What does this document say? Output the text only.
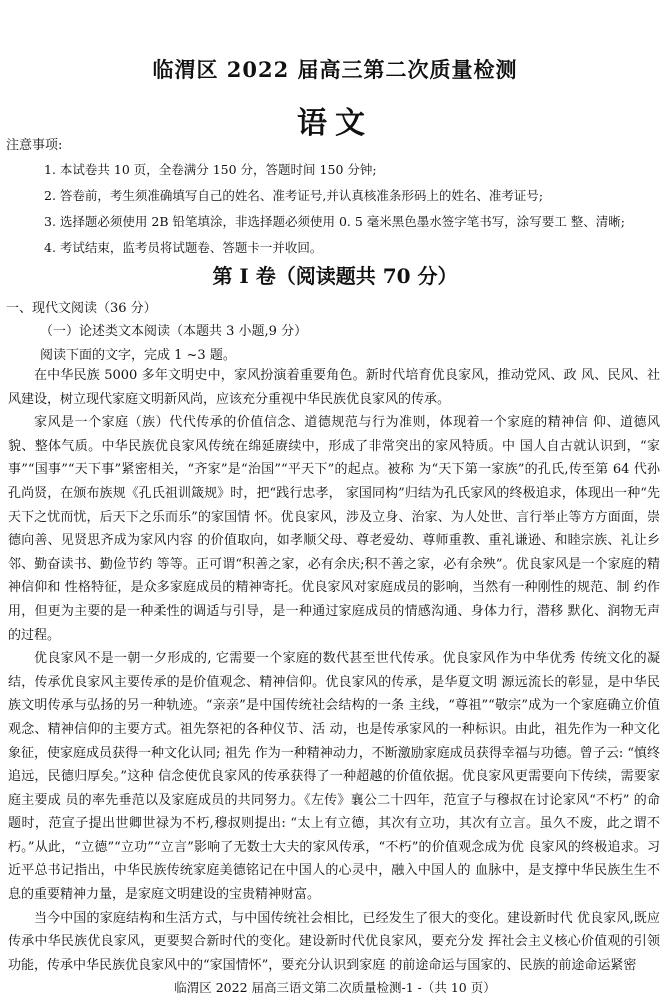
临渭区 2022 届高三第二次质量检测
语文
注意事项:
1. 本试卷共 10 页，全卷满分 150 分，答题时间 150 分钟;
2. 答卷前，考生须准确填写自己的姓名、准考证号,并认真核准条形码上的姓名、准考证号;
3. 选择题必须使用 2B 铅笔填涂，非选择题必须使用 0. 5 毫米黑色墨水签字笔书写，涂写要工 整、清晰;
4. 考试结束，监考员将试题卷、答题卡一并收回。
第 I 卷（阅读题共 70 分）
一、现代文阅读（36 分）
（一）论述类文本阅读（本题共 3 小题,9 分）
阅读下面的文字，完成 1 ~3 题。

在中华民族 5000 多年文明史中，家风扮演着重要角色。新时代培育优良家风，推动党风、政 风、民风、社风建设，树立现代家庭文明新风尚，应该充分重视中华民族优良家风的传承。

家风是一个家庭（族）代代传承的价值信念、道德规范与行为准则，体现着一个家庭的精神信 仰、道德风貌、整体气质。中华民族优良家风传统在绵延赓续中，形成了非常突出的家风特质。中 国人自古就认识到，“家事”“国事”“天下事”紧密相关，“齐家”是“治国”“平天下”的起点。被称 为“天下第一家族”的孔氏,传至第 64 代孙孔尚贤，在颁布族规《孔氏祖训箴规》时，把“践行忠孝， 家国同构”归结为孔氏家风的终极追求，体现出一种“先天下之忧而忧，后天下之乐而乐”的家国情 怀。优良家风，涉及立身、治家、为人处世、言行举止等方方面面，崇德向善、见贤思齐成为家风内容 的价值取向，如孝顺父母、尊老爱幼、尊师重教、重礼谦逊、和睦宗族、礼让乡邻、勤奋读书、勤俭节约 等等。正可谓“积善之家，必有余庆;积不善之家，必有余殃”。优良家风是一个家庭的精神信仰和 性格特征，是众多家庭成员的精神寄托。优良家风对家庭成员的影响，当然有一种刚性的规范、制 约作用，但更为主要的是一种柔性的调适与引导，是一种通过家庭成员的情感沟通、身体力行，潜移 默化、润物无声的过程。

优良家风不是一朝一夕形成的, 它需要一个家庭的数代甚至世代传承。优良家风作为中华优秀 传统文化的凝结，传承优良家风主要传承的是价值观念、精神信仰。优良家风的传承，是华夏文明 源远流长的彰显，是中华民族文明传承与弘扬的另一种轨迹。“亲亲”是中国传统社会结构的一条 主线，“尊祖”“敬宗”成为一个家庭确立价值观念、精神信仰的主要方式。祖先祭祀的各种仪节、活 动，也是传承家风的一种标识。由此，祖先作为一种文化象征，使家庭成员获得一种文化认同; 祖先 作为一种精神动力，不断激励家庭成员获得幸福与功德。曾子云: “慎终追远，民德归厚矣。”这种 信念使优良家风的传承获得了一种超越的价值依据。优良家风更需要向下传续，需要家庭主要成 员的率先垂范以及家庭成员的共同努力。《左传》襄公二十四年，范宣子与穆叔在讨论家风“不朽” 的命题时，范宣子提出世卿世禄为不朽,穆叔则提出: “太上有立德，其次有立功，其次有立言。虽久不废，此之谓不朽。”从此，“立德”“立功”“立言”影响了无数士大夫的家风传承，“不朽”的价值观念成为优 良家风的终极追求。习近平总书记指出，中华民族传统家庭美德铭记在中国人的心灵中，融入中国人的 血脉中，是支撑中华民族生生不息的重要精神力量，是家庭文明建设的宝贵精神财富。

当今中国的家庭结构和生活方式，与中国传统社会相比，已经发生了很大的变化。建设新时代 优良家风,既应传承中华民族优良家风，更要契合新时代的变化。建设新时代优良家风，要充分发 挥社会主义核心价值观的引领功能，传承中华民族优良家风中的“家国情怀”，要充分认识到家庭 的前途命运与国家的、民族的前途命运紧密

临渭区 2022 届高三语文第二次质量检测-1 -（共 10 页）
